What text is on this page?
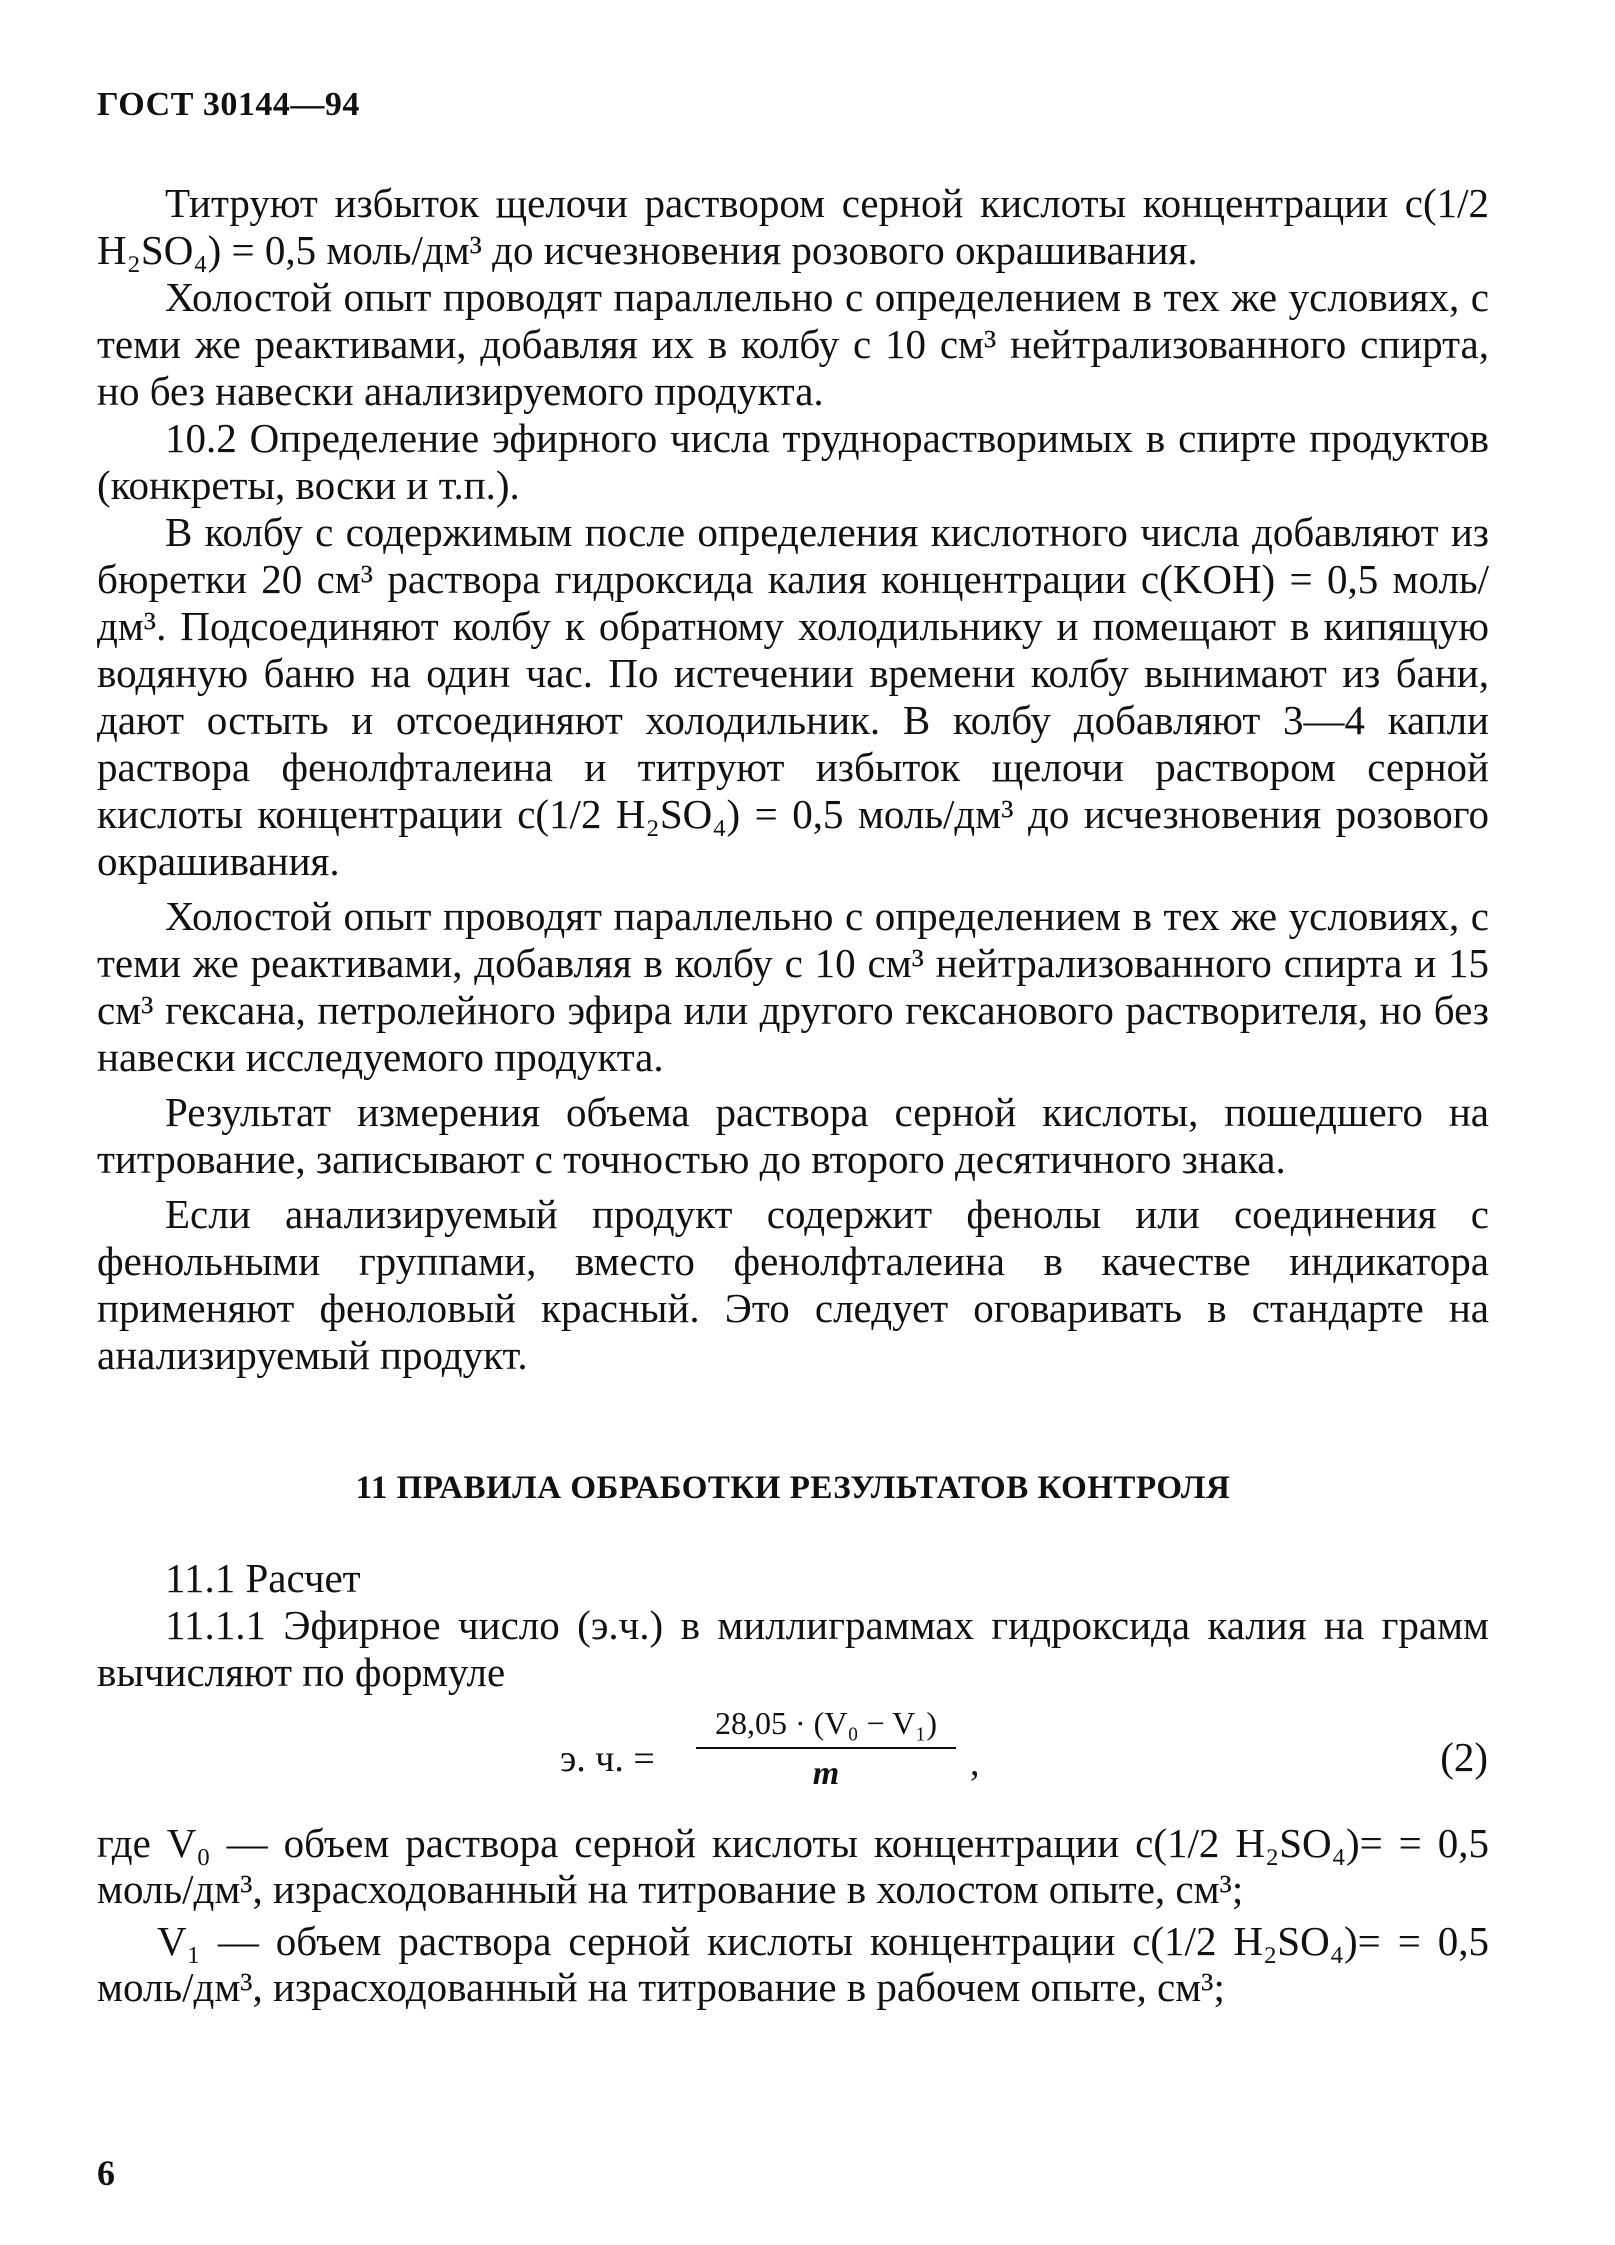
ГОСТ 30144—94

Титруют избыток щелочи раствором серной кислоты концентрации c(1/2 H₂SO₄) = 0,5 моль/дм³ до исчезновения розового окрашивания.

Холостой опыт проводят параллельно с определением в тех же условиях, с теми же реактивами, добавляя их в колбу с 10 см³ нейтрализованного спирта, но без навески анализируемого продукта.

10.2 Определение эфирного числа труднорастворимых в спирте продуктов (конкреты, воски и т.п.).

В колбу с содержимым после определения кислотного числа добавляют из бюретки 20 см³ раствора гидроксида калия концентрации c(KOH) = 0,5 моль/дм³. Подсоединяют колбу к обратному холодильнику и помещают в кипящую водяную баню на один час. По истечении времени колбу вынимают из бани, дают остыть и отсоединяют холодильник. В колбу добавляют 3—4 капли раствора фенолфталеина и титруют избыток щелочи раствором серной кислоты концентрации c(1/2 H₂SO₄) = 0,5 моль/дм³ до исчезновения розового окрашивания.

Холостой опыт проводят параллельно с определением в тех же условиях, с теми же реактивами, добавляя в колбу с 10 см³ нейтрализованного спирта и 15 см³ гексана, петролейного эфира или другого гексанового растворителя, но без навески исследуемого продукта.

Результат измерения объема раствора серной кислоты, пошедшего на титрование, записывают с точностью до второго десятичного знака.

Если анализируемый продукт содержит фенолы или соединения с фенольными группами, вместо фенолфталеина в качестве индикатора применяют феноловый красный. Это следует оговаривать в стандарте на анализируемый продукт.

11 ПРАВИЛА ОБРАБОТКИ РЕЗУЛЬТАТОВ КОНТРОЛЯ

11.1 Расчет

11.1.1 Эфирное число (э.ч.) в миллиграммах гидроксида калия на грамм вычисляют по формуле

э. ч. =
28,05 · (V₀ − V₁)
m	,	(2)

где V₀ — объем раствора серной кислоты концентрации c(1/2 H₂SO₄)= = 0,5 моль/дм³, израсходованный на титрование в холостом опыте, см³;

V₁ — объем раствора серной кислоты концентрации c(1/2 H₂SO₄)= = 0,5 моль/дм³, израсходованный на титрование в рабочем опыте, см³;

6
